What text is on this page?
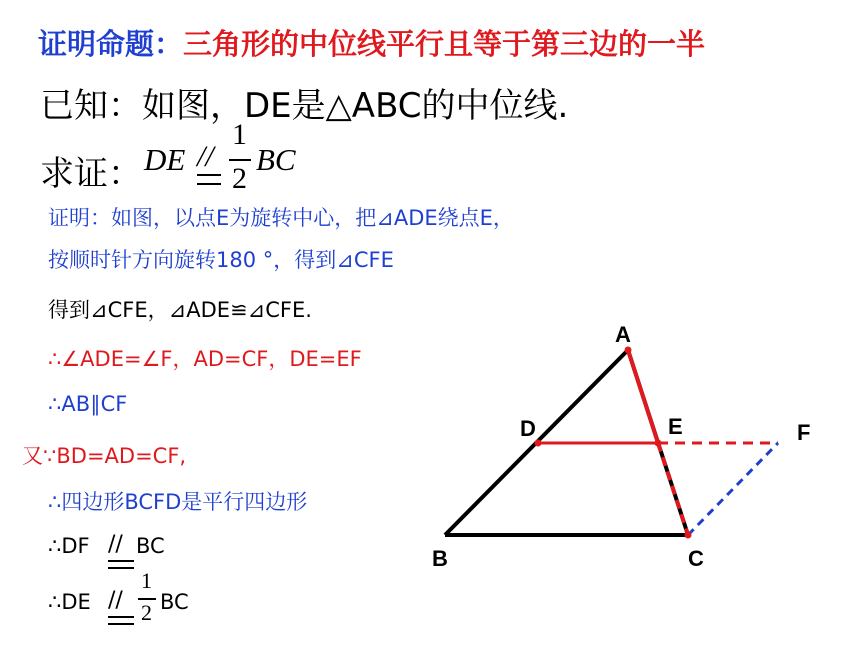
证明命题：三角形的中位线平行且等于第三边的一半
已知：如图，DE是△ABC的中位线.
求证： DE //
1
2
BC
证明：如图，以点E为旋转中心，把⊿ADE绕点E，
按顺时针方向旋转180 °，得到⊿CFE
得到⊿CFE，⊿ADE≌⊿CFE.
∴∠ADE=∠F，AD=CF，DE=EF
∴AB∥CF
又∵BD=AD=CF,
∴四边形BCFD是平行四边形
∴DF // BC
∴DE //
1
2 BC
A
B	C
D	E	F
